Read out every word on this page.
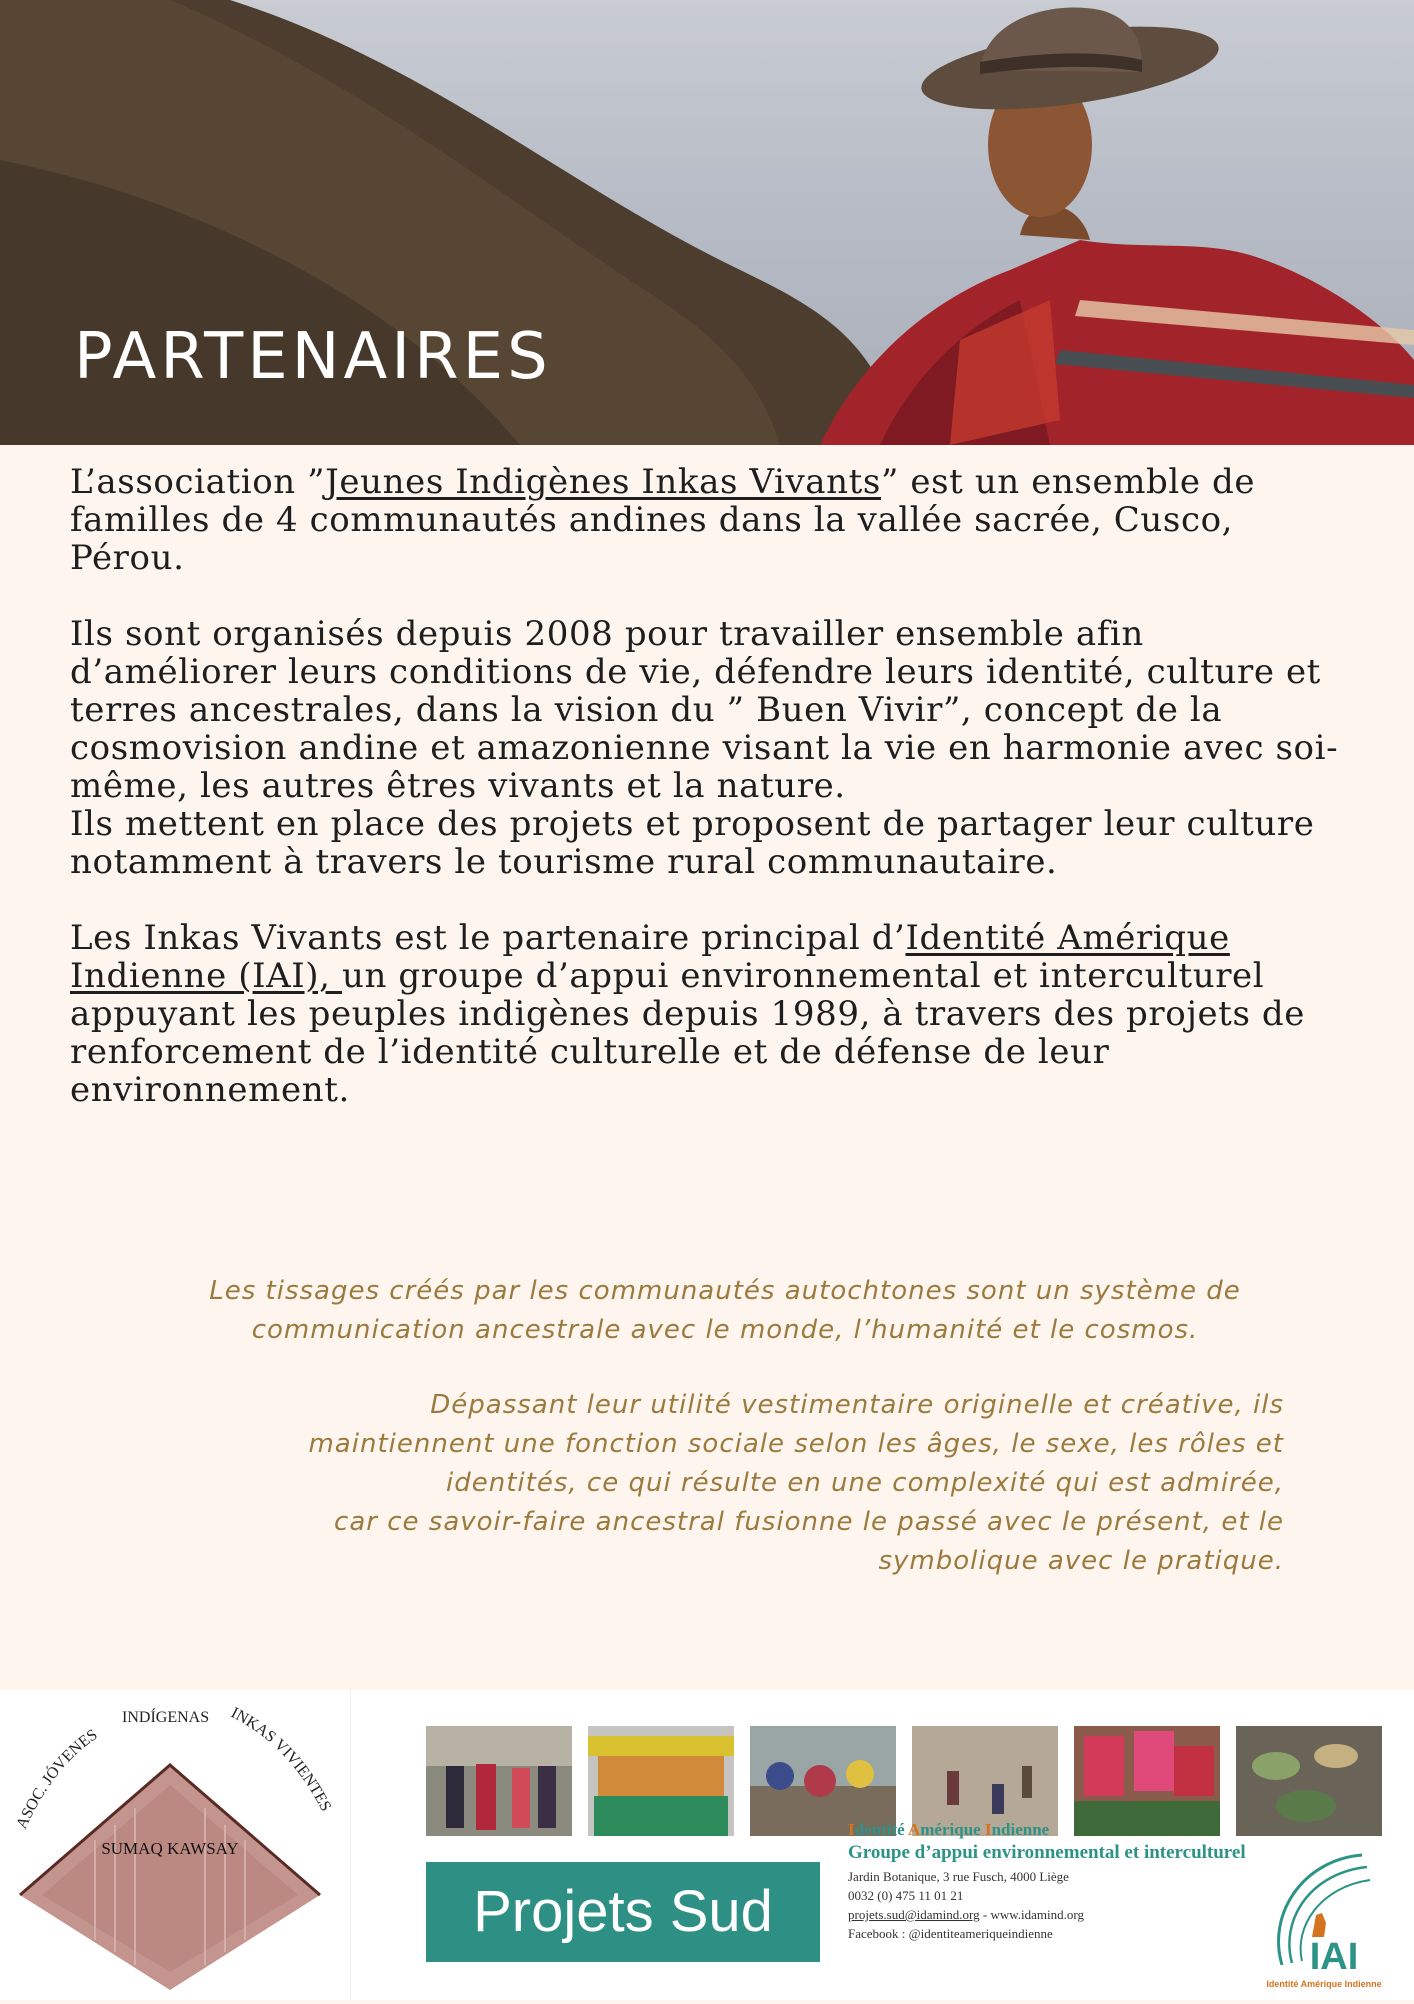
PARTENAIRES

L’association ”Jeunes Indigènes Inkas Vivants” est un ensemble de familles de 4 communautés andines dans la vallée sacrée, Cusco, Pérou.

Ils sont organisés depuis 2008 pour travailler ensemble afin d’améliorer leurs conditions de vie, défendre leurs identité, culture et terres ancestrales, dans la vision du ” Buen Vivir”, concept de la cosmovision andine et amazonienne visant la vie en harmonie avec soi-même, les autres êtres vivants et la nature.

Ils mettent en place des projets et proposent de partager leur culture notamment à travers le tourisme rural communautaire.

Les Inkas Vivants est le partenaire principal d’Identité Amérique Indienne (IAI), un groupe d’appui environnemental et interculturel appuyant les peuples indigènes depuis 1989, à travers des projets de renforcement de l’identité culturelle et de défense de leur environnement.

Les tissages créés par les communautés autochtones sont un système de communication ancestrale avec le monde, l’humanité et le cosmos.

Dépassant leur utilité vestimentaire originelle et créative, ils
maintiennent une fonction sociale selon les âges, le sexe, les rôles et
identités, ce qui résulte en une complexité qui est admirée,
car ce savoir-faire ancestral fusionne le passé avec le présent, et le
symbolique avec le pratique.

ASOC. JÓVENES
INDÍGENAS INKAS VIVIENTES
SUMAQ KAWSAY
Projets Sud

Identité Amérique Indienne

Groupe d’appui environnemental et interculturel

Jardin Botanique, 3 rue Fusch, 4000 Liège

0032 (0) 475 11 01 21

projets.sud@idamind.org - www.idamind.org

Facebook : @identiteameriqueindienne

IAI
Identité Amérique Indienne
